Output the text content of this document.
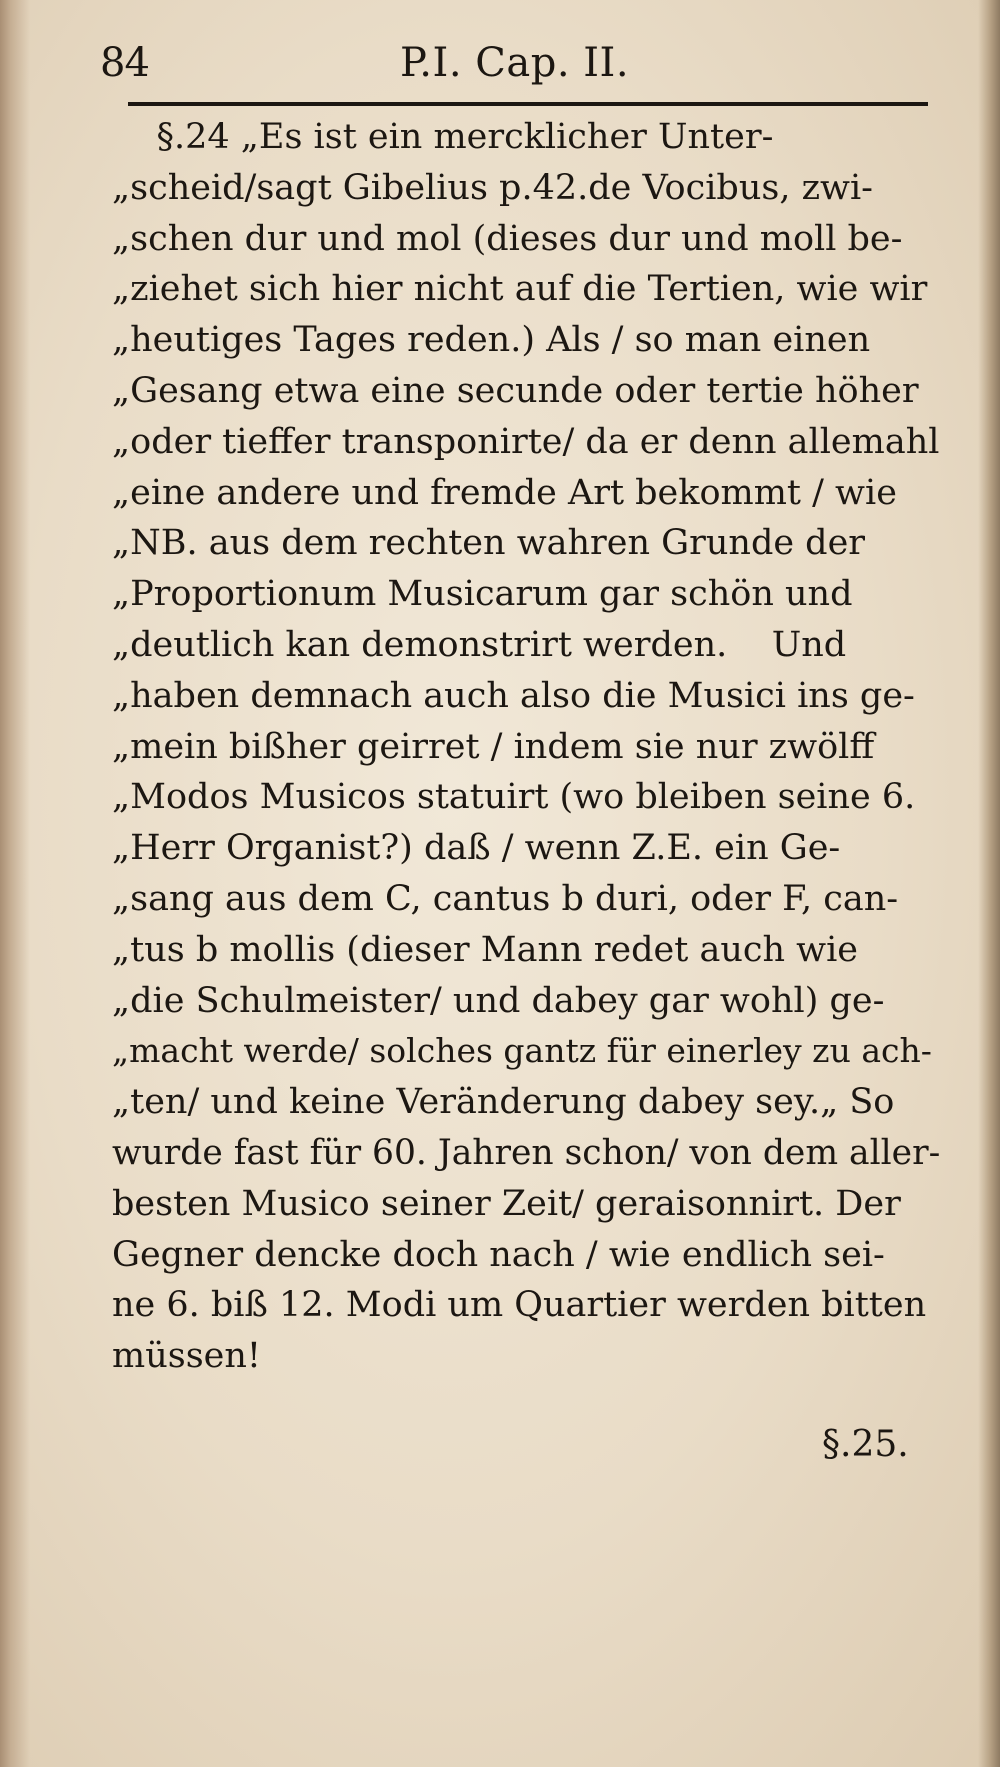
84	P.I. Cap. II.
§.24 „Es ist ein mercklicher Unter-
„scheid/sagt Gibelius p.42.de Vocibus, zwi-
„schen dur und mol (dieses dur und moll be-
„ziehet sich hier nicht auf die Tertien, wie wir
„heutiges Tages reden.) Als / so man einen
„Gesang etwa eine secunde oder tertie höher
„oder tieffer transponirte/ da er denn allemahl
„eine andere und fremde Art bekommt / wie
„NB. aus dem rechten wahren Grunde der
„Proportionum Musicarum gar schön und
„deutlich kan demonstrirt werden.    Und
„haben demnach auch also die Musici ins ge-
„mein bißher geirret / indem sie nur zwölff
„Modos Musicos statuirt (wo bleiben seine 6.
„Herr Organist?) daß / wenn Z.E. ein Ge-
„sang aus dem C, cantus b duri, oder F, can-
„tus b mollis (dieser Mann redet auch wie
„die Schulmeister/ und dabey gar wohl) ge-
„macht werde/ solches gantz für einerley zu ach-
„ten/ und keine Veränderung dabey sey.„ So
wurde fast für 60. Jahren schon/ von dem aller-
besten Musico seiner Zeit/ geraisonnirt. Der
Gegner dencke doch nach / wie endlich sei-
ne 6. biß 12. Modi um Quartier werden bitten
müssen!
§.25.
